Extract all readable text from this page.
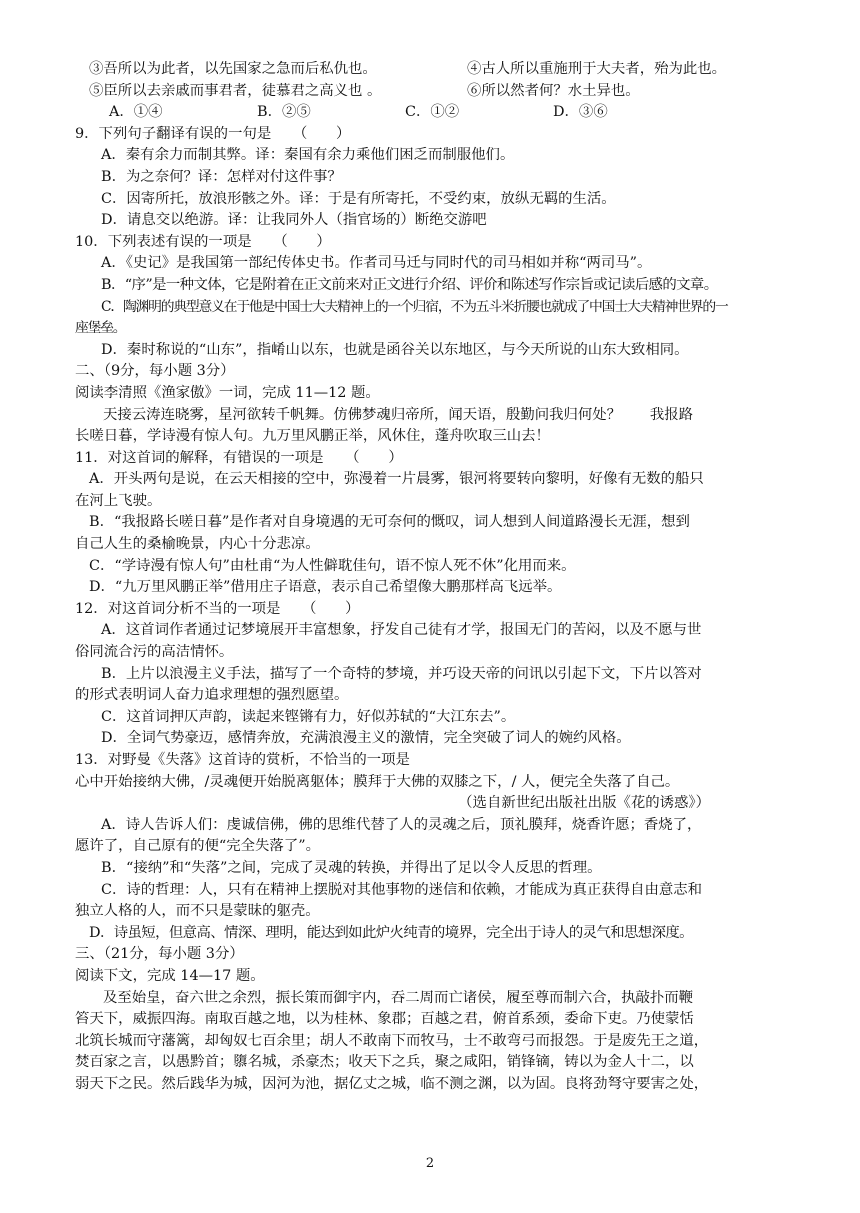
③吾所以为此者，以先国家之急而后私仇也。	④古人所以重施刑于大夫者，殆为此也。
⑤臣所以去亲戚而事君者，徒慕君之高义也 。	⑥所以然者何？水土异也。
A．①④	B．②⑤	C．①②	D．③⑥
9．下列句子翻译有误的一句是　　（　　）
A．秦有余力而制其弊。译：秦国有余力乘他们困乏而制服他们。
B．为之奈何？译：怎样对付这件事？
C．因寄所托，放浪形骸之外。译：于是有所寄托，不受约束，放纵无羁的生活。
D．请息交以绝游。译：让我同外人（指官场的）断绝交游吧
10．下列表述有误的一项是　　（　　）
A．《史记》是我国第一部纪传体史书。作者司马迁与同时代的司马相如并称“两司马”。
B．“序”是一种文体，它是附着在正文前来对正文进行介绍、评价和陈述写作宗旨或记读后感的文章。
C．陶渊明的典型意义在于他是中国士大夫精神上的一个归宿，不为五斗米折腰也就成了中国士大夫精神世界的一
座堡垒。
D．秦时称说的“山东”，指崤山以东，也就是函谷关以东地区，与今天所说的山东大致相同。
二、（9分，每小题 3分）
阅读李清照《渔家傲》一词，完成 11—12 题。
天接云涛连晓雾，星河欲转千帆舞。仿佛梦魂归帝所，闻天语，殷勤问我归何处？　　我报路
长嗟日暮，学诗漫有惊人句。九万里风鹏正举，风休住，蓬舟吹取三山去！
11．对这首词的解释，有错误的一项是　　（　　）
A．开头两句是说，在云天相接的空中，弥漫着一片晨雾，银河将要转向黎明，好像有无数的船只
在河上飞驶。
B．“我报路长嗟日暮”是作者对自身境遇的无可奈何的慨叹，词人想到人间道路漫长无涯，想到
自己人生的桑榆晚景，内心十分悲凉。
C．“学诗漫有惊人句”由杜甫“为人性僻耽佳句，语不惊人死不休”化用而来。
D．“九万里风鹏正举”借用庄子语意，表示自己希望像大鹏那样高飞远举。
12．对这首词分析不当的一项是　　（　　）
A．这首词作者通过记梦境展开丰富想象，抒发自己徒有才学，报国无门的苦闷，以及不愿与世
俗同流合污的高洁情怀。
B．上片以浪漫主义手法，描写了一个奇特的梦境，并巧设天帝的问讯以引起下文，下片以答对
的形式表明词人奋力追求理想的强烈愿望。
C．这首词押仄声韵，读起来铿锵有力，好似苏轼的“大江东去”。
D．全词气势豪迈，感情奔放，充满浪漫主义的激情，完全突破了词人的婉约风格。
13．对野曼《失落》这首诗的赏析，不恰当的一项是
心中开始接纳大佛，/灵魂便开始脱离躯体；膜拜于大佛的双膝之下，/ 人，便完全失落了自己。
（选自新世纪出版社出版《花的诱惑》）
A．诗人告诉人们：虔诚信佛，佛的思维代替了人的灵魂之后，顶礼膜拜，烧香许愿；香烧了，
愿许了，自己原有的便“完全失落了”。
B．“接纳”和“失落”之间，完成了灵魂的转换，并得出了足以令人反思的哲理。
C．诗的哲理：人，只有在精神上摆脱对其他事物的迷信和依赖，才能成为真正获得自由意志和
独立人格的人，而不只是蒙昧的躯壳。
D．诗虽短，但意高、情深、理明，能达到如此炉火纯青的境界，完全出于诗人的灵气和思想深度。
三、（21分，每小题 3分）
阅读下文，完成 14—17 题。
及至始皇，奋六世之余烈，振长策而御宇内，吞二周而亡诸侯，履至尊而制六合，执敲扑而鞭
笞天下，威振四海。南取百越之地，以为桂林、象郡；百越之君，俯首系颈，委命下吏。乃使蒙恬
北筑长城而守藩篱，却匈奴七百余里；胡人不敢南下而牧马，士不敢弯弓而报怨。于是废先王之道，
焚百家之言，以愚黔首；隳名城，杀豪杰；收天下之兵，聚之咸阳，销锋镝，铸以为金人十二，以
弱天下之民。然后践华为城，因河为池，据亿丈之城，临不测之渊，以为固。良将劲弩守要害之处，
2
